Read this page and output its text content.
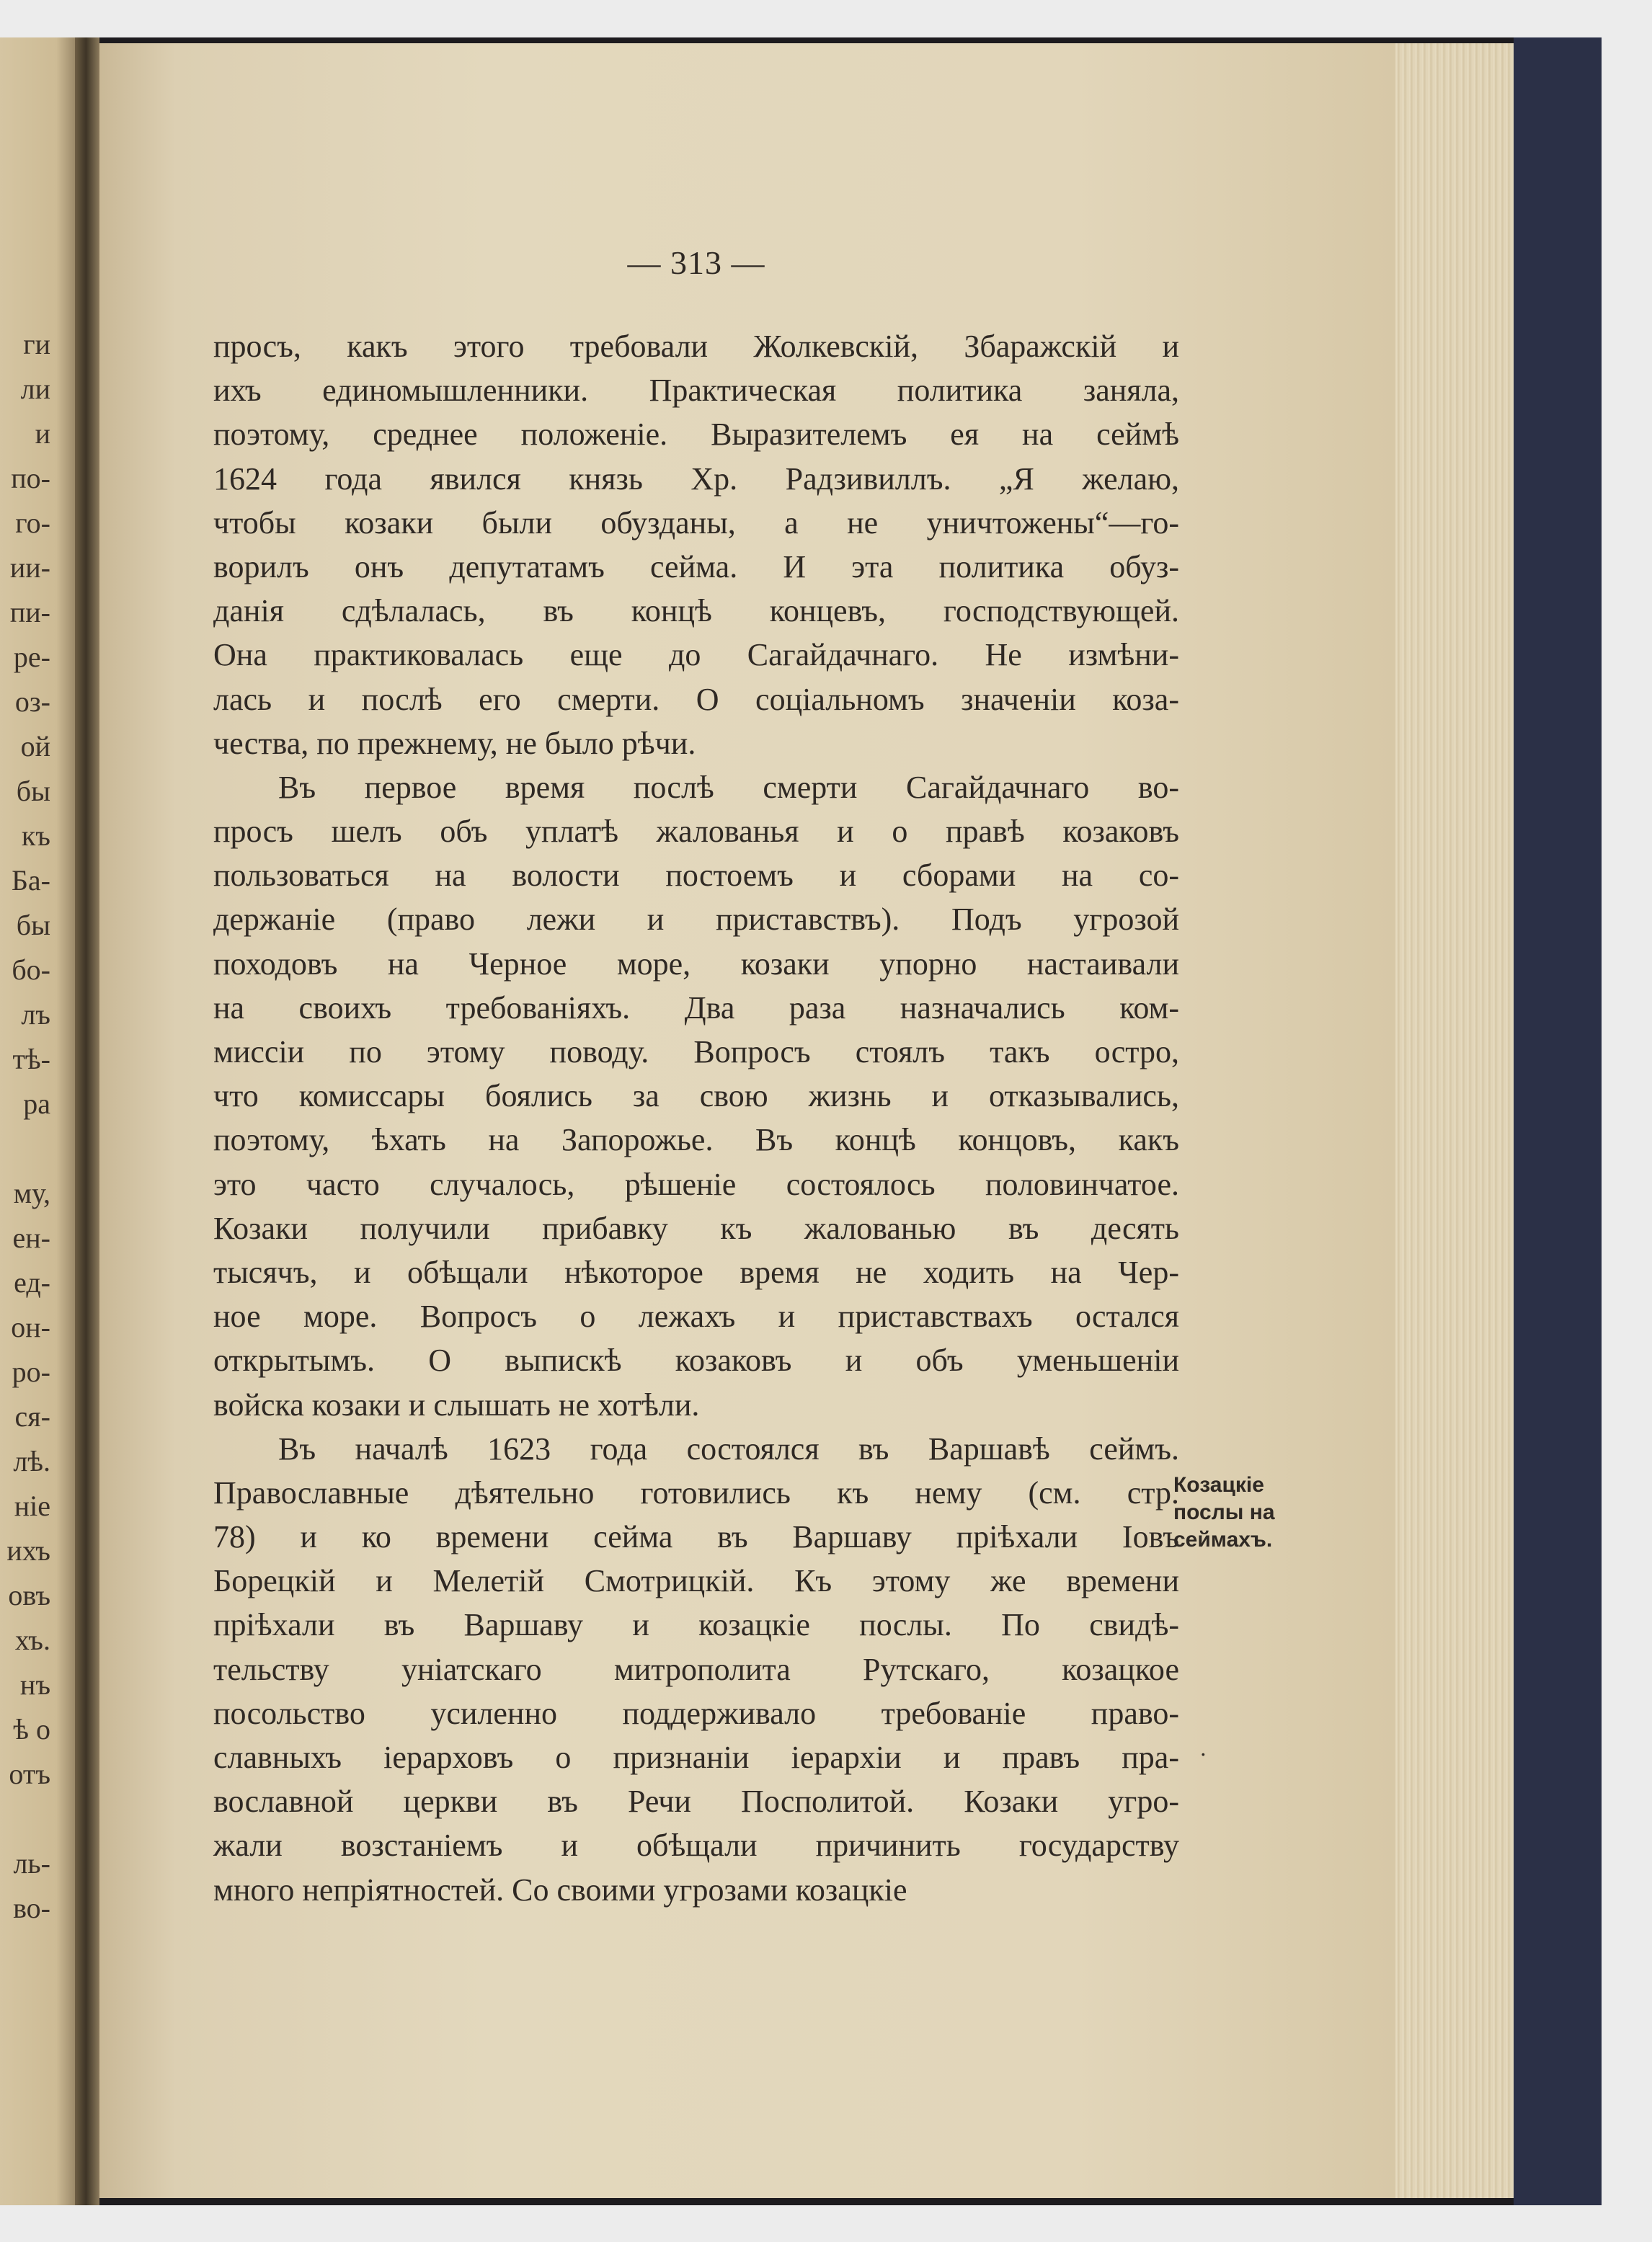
ги
ли
и
по-
го-
ии-
пи-
ре-
оз-
ой
бы
къ
Ба-
бы
бо-
лъ
тѣ-
ра
му,
ен-
ед-
он-
ро-
ся-
лѣ.
ніе
ихъ
овъ
хъ.
нъ
ѣ о
отъ
ль-
во-
— 313 —
просъ, какъ этого требовали Жолкевскій, Збаражскій и
ихъ единомышленники. Практическая политика заняла,
поэтому, среднее положеніе. Выразителемъ ея на сеймѣ
1624 года явился князь Хр. Радзивиллъ. „Я желаю,
чтобы козаки были обузданы, а не уничтожены“—го-
ворилъ онъ депутатамъ сейма. И эта политика обуз-
данія сдѣлалась, въ концѣ концевъ, господствующей.
Она практиковалась еще до Сагайдачнаго. Не измѣни-
лась и послѣ его смерти. О соціальномъ значеніи коза-
чества, по прежнему, не было рѣчи.
Въ первое время послѣ смерти Сагайдачнаго во-
просъ шелъ объ уплатѣ жалованья и о правѣ козаковъ
пользоваться на волости постоемъ и сборами на со-
держаніе (право лежи и приставствъ). Подъ угрозой
походовъ на Черное море, козаки упорно настаивали
на своихъ требованіяхъ. Два раза назначались ком-
миссіи по этому поводу. Вопросъ стоялъ такъ остро,
что комиссары боялись за свою жизнь и отказывались,
поэтому, ѣхать на Запорожье. Въ концѣ концовъ, какъ
это часто случалось, рѣшеніе состоялось половинчатое.
Козаки получили прибавку къ жалованью въ десять
тысячъ, и обѣщали нѣкоторое время не ходить на Чер-
ное море. Вопросъ о лежахъ и приставствахъ остался
открытымъ. О выпискѣ козаковъ и объ уменьшеніи
войска козаки и слышать не хотѣли.
Въ началѣ 1623 года состоялся въ Варшавѣ сеймъ.
Православные дѣятельно готовились къ нему (см. стр.
78) и ко времени сейма въ Варшаву пріѣхали Іовъ
Борецкій и Мелетій Смотрицкій. Къ этому же времени
пріѣхали въ Варшаву и козацкіе послы. По свидѣ-
тельству уніатскаго митрополита Рутскаго, козацкое
посольство усиленно поддерживало требованіе право-
славныхъ іерарховъ о признаніи іерархіи и правъ пра-
вославной церкви въ Речи Посполитой. Козаки угро-
жали возстаніемъ и обѣщали причинить государству
много непріятностей. Со своими угрозами козацкіе
Козацкіе
послы на
сеймахъ.
·
